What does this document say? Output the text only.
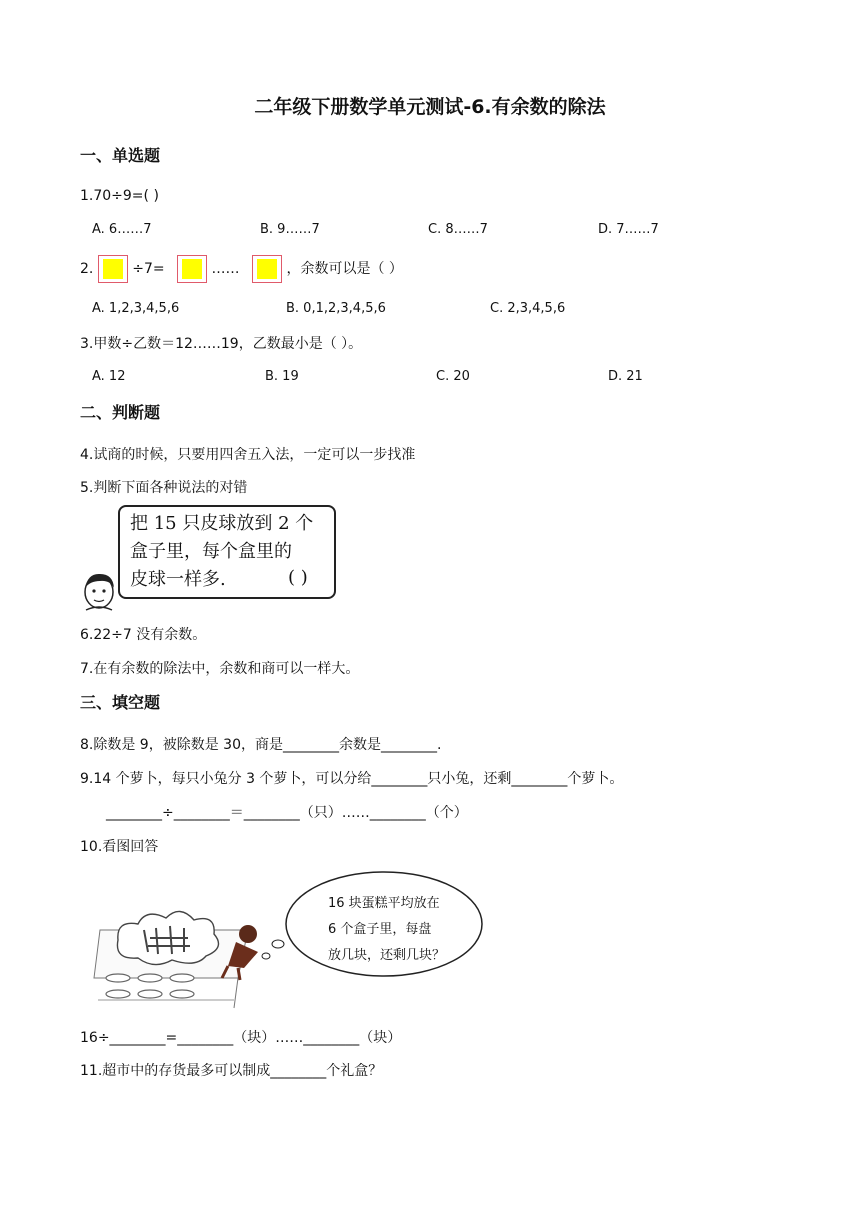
二年级下册数学单元测试-6.有余数的除法
一、单选题
1.70÷9=( )
A. 6……7	B. 9……7	C. 8……7	D. 7……7
2.	÷7=	……	，余数可以是（ ）
A. 1,2,3,4,5,6	B. 0,1,2,3,4,5,6	C. 2,3,4,5,6
3.甲数÷乙数＝12……19，乙数最小是（ ）。
A. 12	B. 19	C. 20	D. 21
二、判断题
4.试商的时候，只要用四舍五入法，一定可以一步找准
5.判断下面各种说法的对错
把 15 只皮球放到 2 个
盒子里，每个盒里的
皮球一样多.	( )
6.22÷7 没有余数。
7.在有余数的除法中，余数和商可以一样大。
三、填空题
8.除数是 9，被除数是 30，商是________余数是________.
9.14 个萝卜，每只小兔分 3 个萝卜，可以分给________只小兔，还剩________个萝卜。
________÷________＝________（只）……________（个）
10.看图回答
16 块蛋糕平均放在
6 个盒子里，每盘
放几块，还剩几块？
16÷________=________（块）……________（块）
11.超市中的存货最多可以制成________个礼盒？
